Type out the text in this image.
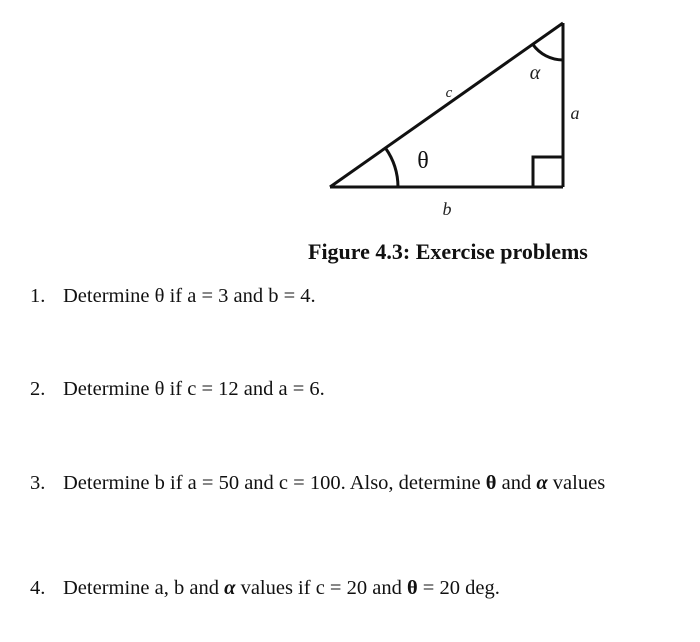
c
a
b
θ
α
Figure 4.3: Exercise problems
1. Determine θ if a = 3 and b = 4.
2. Determine θ if c = 12 and a = 6.
3. Determine b if a = 50 and c = 100. Also, determine θ and α values
4. Determine a, b and α values if c = 20 and θ = 20 deg.
